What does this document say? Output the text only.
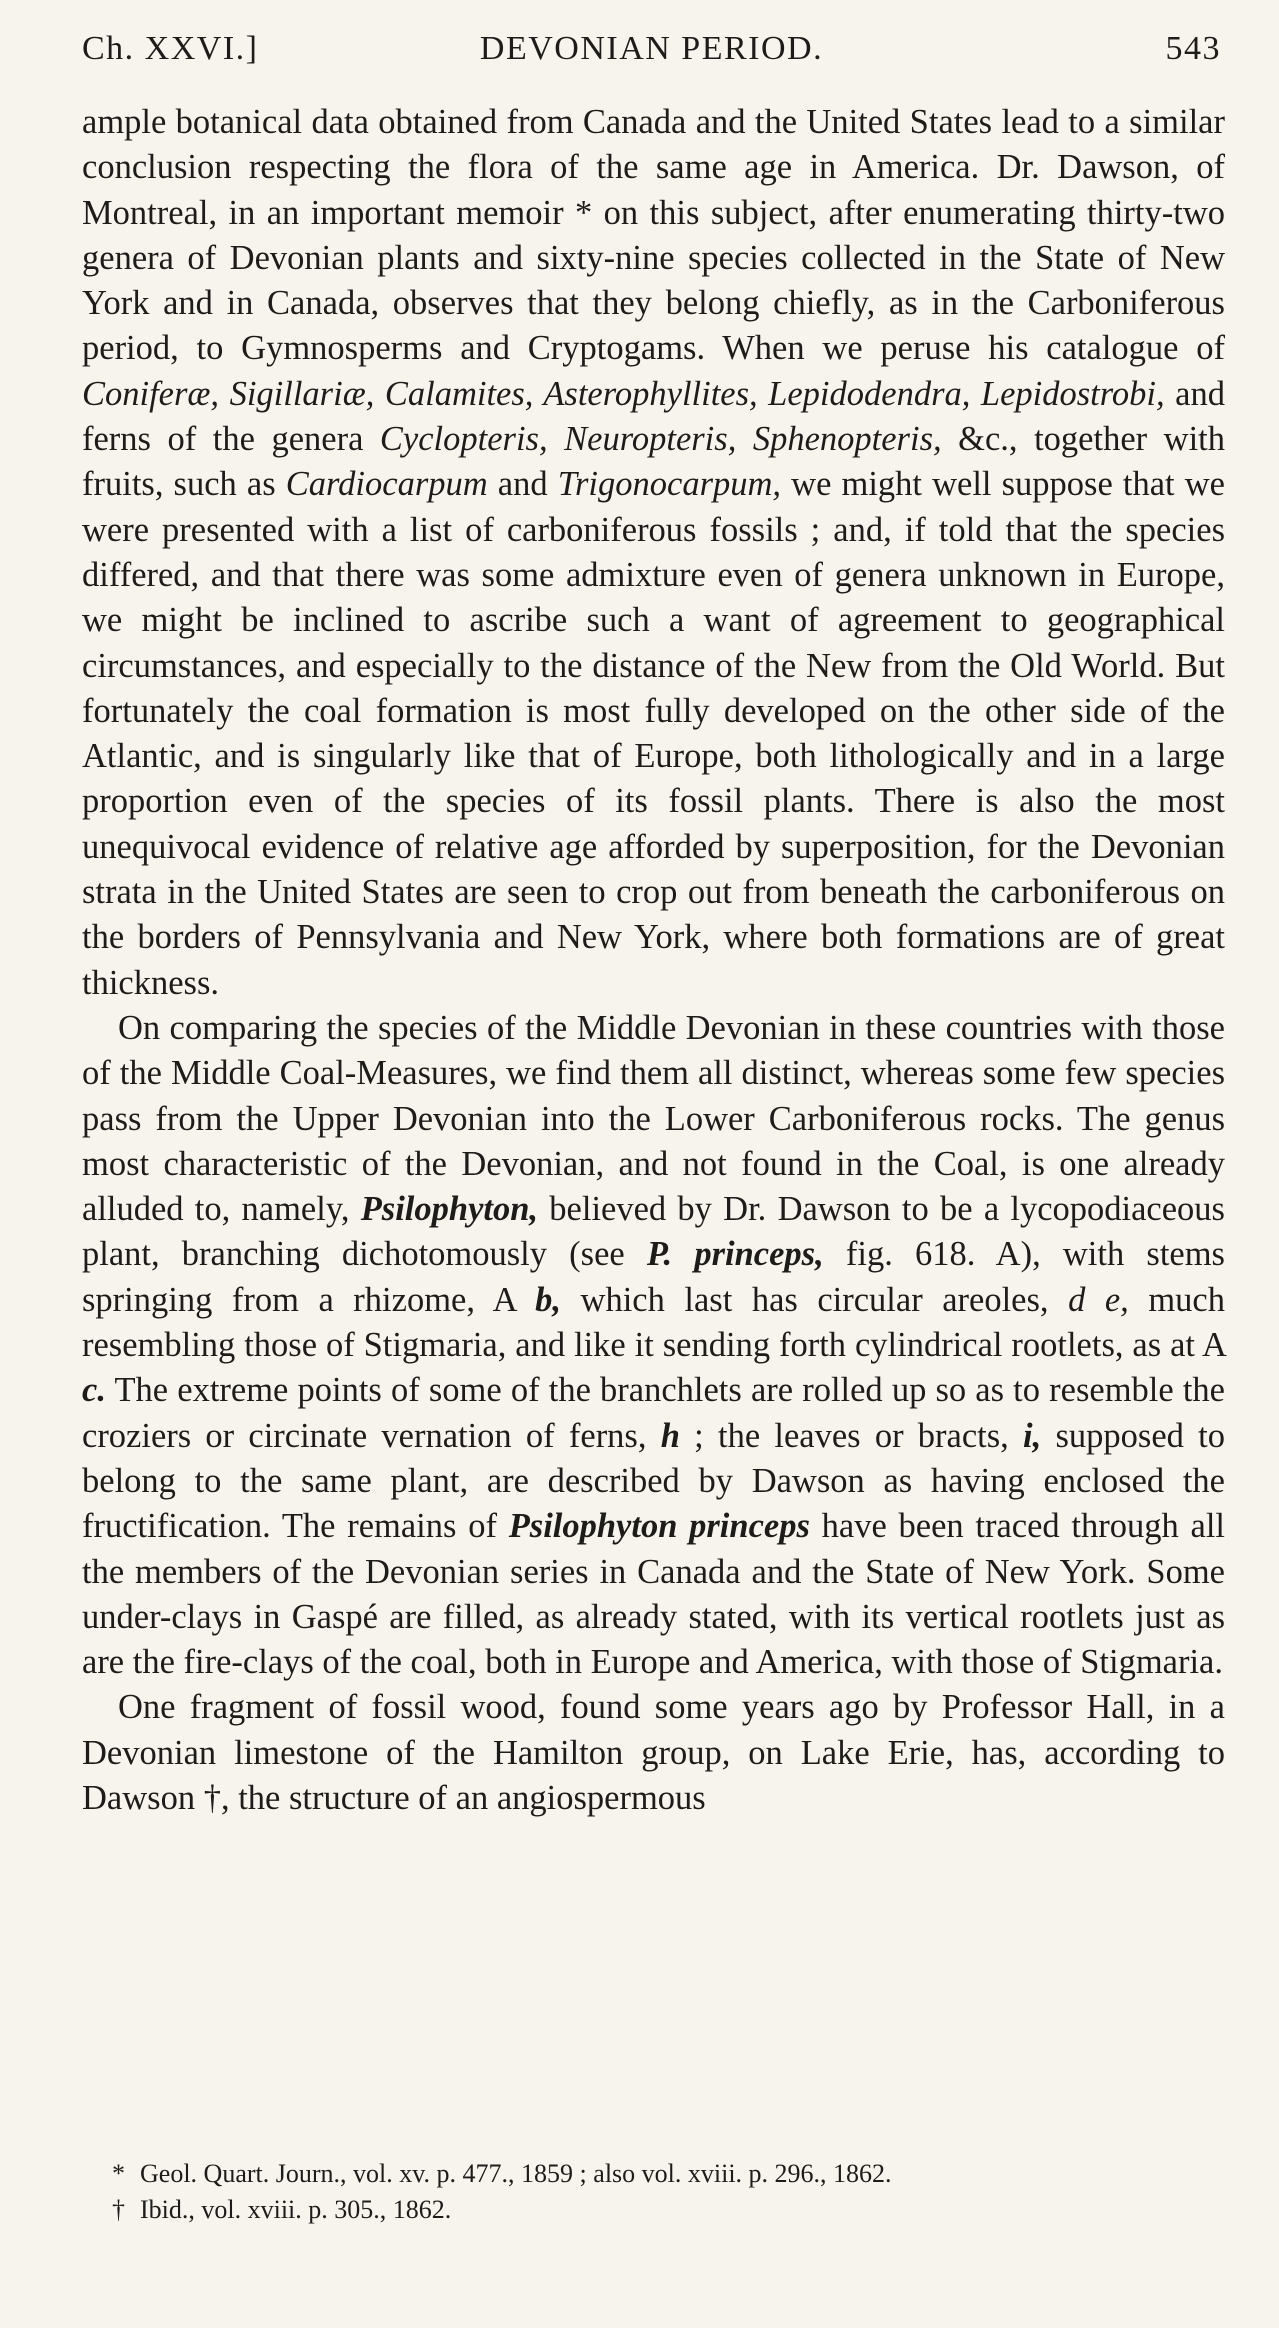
Ch. XXVI.]	DEVONIAN PERIOD.	543

ample botanical data obtained from Canada and the United States lead to a similar conclusion respecting the flora of the same age in America. Dr. Dawson, of Montreal, in an important memoir * on this subject, after enumerating thirty-two genera of Devonian plants and sixty-nine species collected in the State of New York and in Canada, observes that they belong chiefly, as in the Carboniferous period, to Gymnosperms and Cryptogams. When we peruse his catalogue of Coniferæ, Sigillariæ, Calamites, Asterophyllites, Lepidodendra, Lepidostrobi, and ferns of the genera Cyclopteris, Neuropteris, Sphenopteris, &c., together with fruits, such as Cardiocarpum and Trigonocarpum, we might well suppose that we were presented with a list of carboniferous fossils ; and, if told that the species differed, and that there was some admixture even of genera unknown in Europe, we might be inclined to ascribe such a want of agreement to geographical circumstances, and especially to the distance of the New from the Old World. But fortunately the coal formation is most fully developed on the other side of the Atlantic, and is singularly like that of Europe, both lithologically and in a large proportion even of the species of its fossil plants. There is also the most unequivocal evidence of relative age afforded by superposition, for the Devonian strata in the United States are seen to crop out from beneath the carboniferous on the borders of Pennsylvania and New York, where both formations are of great thickness.

On comparing the species of the Middle Devonian in these countries with those of the Middle Coal-Measures, we find them all distinct, whereas some few species pass from the Upper Devonian into the Lower Carboniferous rocks. The genus most characteristic of the Devonian, and not found in the Coal, is one already alluded to, namely, Psilophyton, believed by Dr. Dawson to be a lycopodiaceous plant, branching dichotomously (see P. princeps, fig. 618. A), with stems springing from a rhizome, A b, which last has circular areoles, d e, much resembling those of Stigmaria, and like it sending forth cylindrical rootlets, as at A c. The extreme points of some of the branchlets are rolled up so as to resemble the croziers or circinate vernation of ferns, h ; the leaves or bracts, i, supposed to belong to the same plant, are described by Dawson as having enclosed the fructification. The remains of Psilophyton princeps have been traced through all the members of the Devonian series in Canada and the State of New York. Some under-clays in Gaspé are filled, as already stated, with its vertical rootlets just as are the fire-clays of the coal, both in Europe and America, with those of Stigmaria.

One fragment of fossil wood, found some years ago by Professor Hall, in a Devonian limestone of the Hamilton group, on Lake Erie, has, according to Dawson †, the structure of an angiospermous

* Geol. Quart. Journ., vol. xv. p. 477., 1859 ; also vol. xviii. p. 296., 1862.
† Ibid., vol. xviii. p. 305., 1862.
